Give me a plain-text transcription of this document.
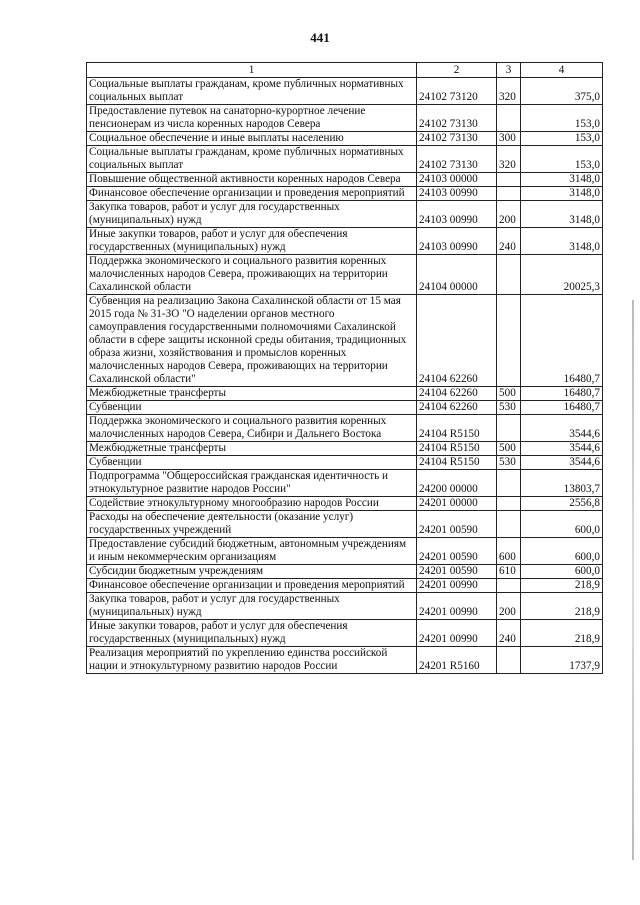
441
1	2	3	4
Социальные выплаты гражданам, кроме публичных нормативных социальных выплат	24102 73120	320	375,0
Предоставление путевок на санаторно-курортное лечение пенсионерам из числа коренных народов Севера	24102 73130		153,0
Социальное обеспечение и иные выплаты населению	24102 73130	300	153,0
Социальные выплаты гражданам, кроме публичных нормативных социальных выплат	24102 73130	320	153,0
Повышение общественной активности коренных народов Севера	24103 00000		3148,0
Финансовое обеспечение организации и проведения мероприятий	24103 00990		3148,0
Закупка товаров, работ и услуг для государственных (муниципальных) нужд	24103 00990	200	3148,0
Иные закупки товаров, работ и услуг для обеспечения государственных (муниципальных) нужд	24103 00990	240	3148,0
Поддержка экономического и социального развития коренных малочисленных народов Севера, проживающих на территории Сахалинской области	24104 00000		20025,3
Субвенция на реализацию Закона Сахалинской области от 15 мая 2015 года № 31-ЗО "О наделении органов местного самоуправления государственными полномочиями Сахалинской области в сфере защиты исконной среды обитания, традиционных образа жизни, хозяйствования и промыслов коренных малочисленных народов Севера, проживающих на территории Сахалинской области"	24104 62260		16480,7
Межбюджетные трансферты	24104 62260	500	16480,7
Субвенции	24104 62260	530	16480,7
Поддержка экономического и социального развития коренных малочисленных народов Севера, Сибири и Дальнего Востока	24104 R5150		3544,6
Межбюджетные трансферты	24104 R5150	500	3544,6
Субвенции	24104 R5150	530	3544,6
Подпрограмма "Общероссийская гражданская идентичность и этнокультурное развитие народов России"	24200 00000		13803,7
Содействие этнокультурному многообразию народов России	24201 00000		2556,8
Расходы на обеспечение деятельности (оказание услуг) государственных учреждений	24201 00590		600,0
Предоставление субсидий бюджетным, автономным учреждениям и иным некоммерческим организациям	24201 00590	600	600,0
Субсидии бюджетным учреждениям	24201 00590	610	600,0
Финансовое обеспечение организации и проведения мероприятий	24201 00990		218,9
Закупка товаров, работ и услуг для государственных (муниципальных) нужд	24201 00990	200	218,9
Иные закупки товаров, работ и услуг для обеспечения государственных (муниципальных) нужд	24201 00990	240	218,9
Реализация мероприятий по укреплению единства российской нации и этнокультурному развитию народов России	24201 R5160		1737,9
